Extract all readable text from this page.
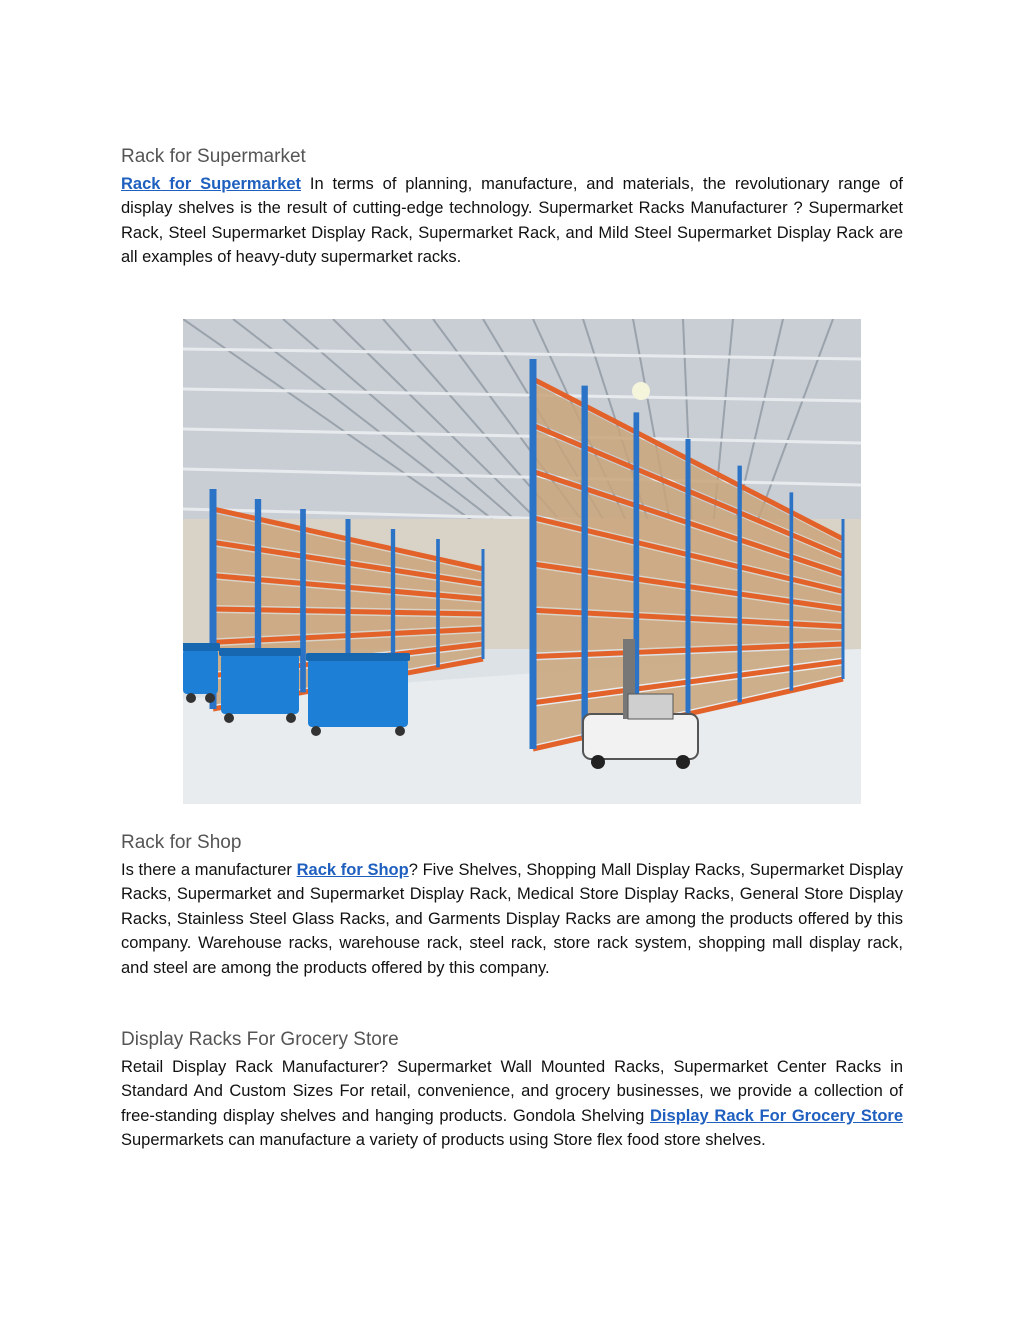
Rack for Supermarket

Rack for Supermarket In terms of planning, manufacture, and materials, the revolutionary range of display shelves is the result of cutting-edge technology. Supermarket Racks Manufacturer ? Supermarket Rack, Steel Supermarket Display Rack, Supermarket Rack, and Mild Steel Supermarket Display Rack are all examples of heavy-duty supermarket racks.

Rack for Shop

Is there a manufacturer Rack for Shop? Five Shelves, Shopping Mall Display Racks, Supermarket Display Racks, Supermarket and Supermarket Display Rack, Medical Store Display Racks, General Store Display Racks, Stainless Steel Glass Racks, and Garments Display Racks are among the products offered by this company. Warehouse racks, warehouse rack, steel rack, store rack system, shopping mall display rack, and steel are among the products offered by this company.

Display Racks For Grocery Store

Retail Display Rack Manufacturer? Supermarket Wall Mounted Racks, Supermarket Center Racks in Standard And Custom Sizes For retail, convenience, and grocery businesses, we provide a collection of free-standing display shelves and hanging products. Gondola Shelving Display Rack For Grocery Store Supermarkets can manufacture a variety of products using Store flex food store shelves.
